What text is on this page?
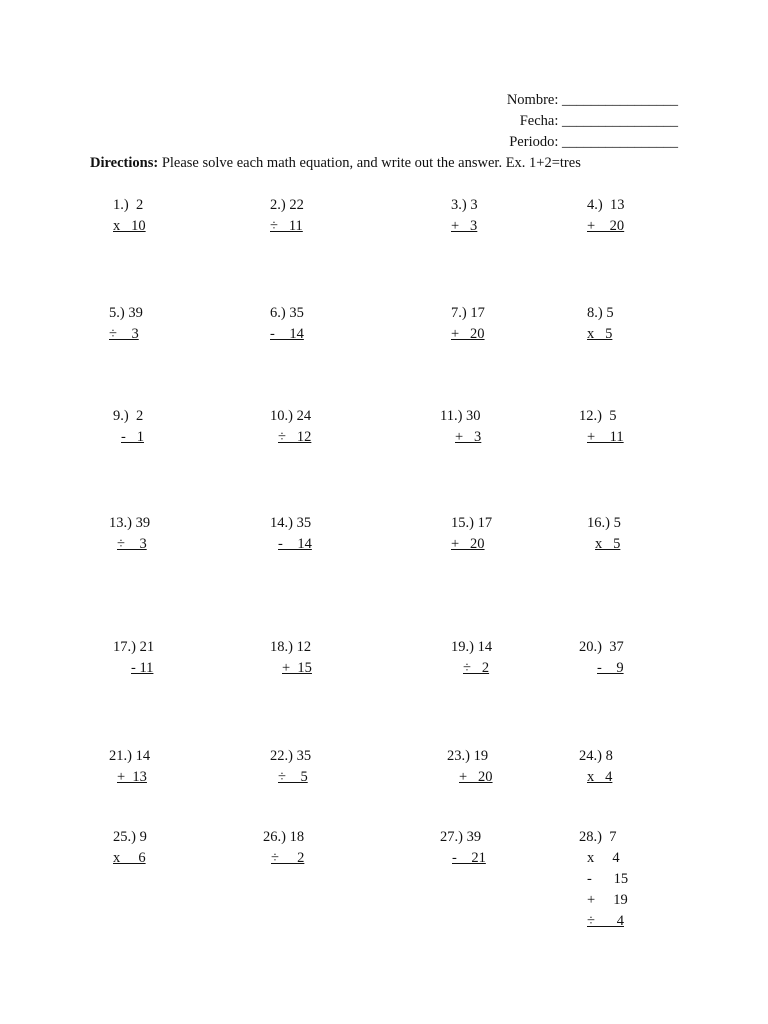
Nombre: ________________
Fecha: ________________
Periodo: ________________
Directions: Please solve each math equation, and write out the answer. Ex. 1+2=tres
1.)  2
x   10
2.) 22
÷   11
3.) 3
+   3
4.)  13
+    20
5.) 39
÷    3
6.) 35
-    14
7.) 17
+   20
8.) 5
x   5
9.)  2
-   1
10.) 24
÷   12
11.) 30
+   3
12.)  5
+    11
13.) 39
÷    3
14.) 35
-    14
15.) 17
+   20
16.) 5
x   5
17.) 21
- 11
18.) 12
+  15
19.) 14
÷   2
20.)  37
-    9
21.) 14
+  13
22.) 35
÷    5
23.) 19
+   20
24.) 8
x   4
25.) 9
x     6
26.) 18
÷     2
27.) 39
-    21
28.)  7
x     4
-      15
+     19
÷      4
